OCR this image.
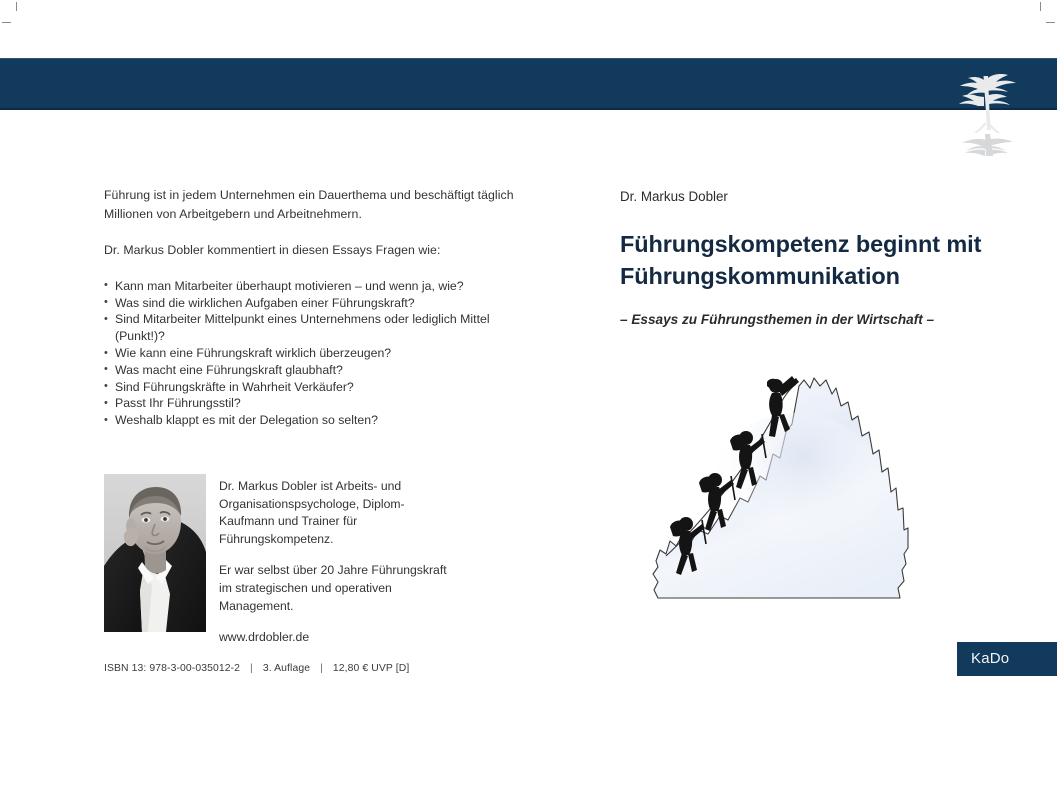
Führung ist in jedem Unternehmen ein Dauerthema und beschäftigt täglich Millionen von Arbeitgebern und Arbeitnehmern.
Dr. Markus Dobler kommentiert in diesen Essays Fragen wie:
• Kann man Mitarbeiter überhaupt motivieren – und wenn ja, wie?
• Was sind die wirklichen Aufgaben einer Führungskraft?
• Sind Mitarbeiter Mittelpunkt eines Unternehmens oder lediglich Mittel (Punkt!)?
• Wie kann eine Führungskraft wirklich überzeugen?
• Was macht eine Führungskraft glaubhaft?
• Sind Führungskräfte in Wahrheit Verkäufer?
• Passt Ihr Führungsstil?
• Weshalb klappt es mit der Delegation so selten?

Dr. Markus Dobler ist Arbeits- und Organisationspsychologe, Diplom-Kaufmann und Trainer für Führungskompetenz.

Er war selbst über 20 Jahre Führungskraft im strategischen und operativen Management.

www.drdobler.de

ISBN 13: 978-3-00-035012-2 | 3. Auflage | 12,80 € UVP [D]
Dr. Markus Dobler
Führungskompetenz beginnt mit
Führungskommunikation
– Essays zu Führungsthemen in der Wirtschaft –
KaDo
